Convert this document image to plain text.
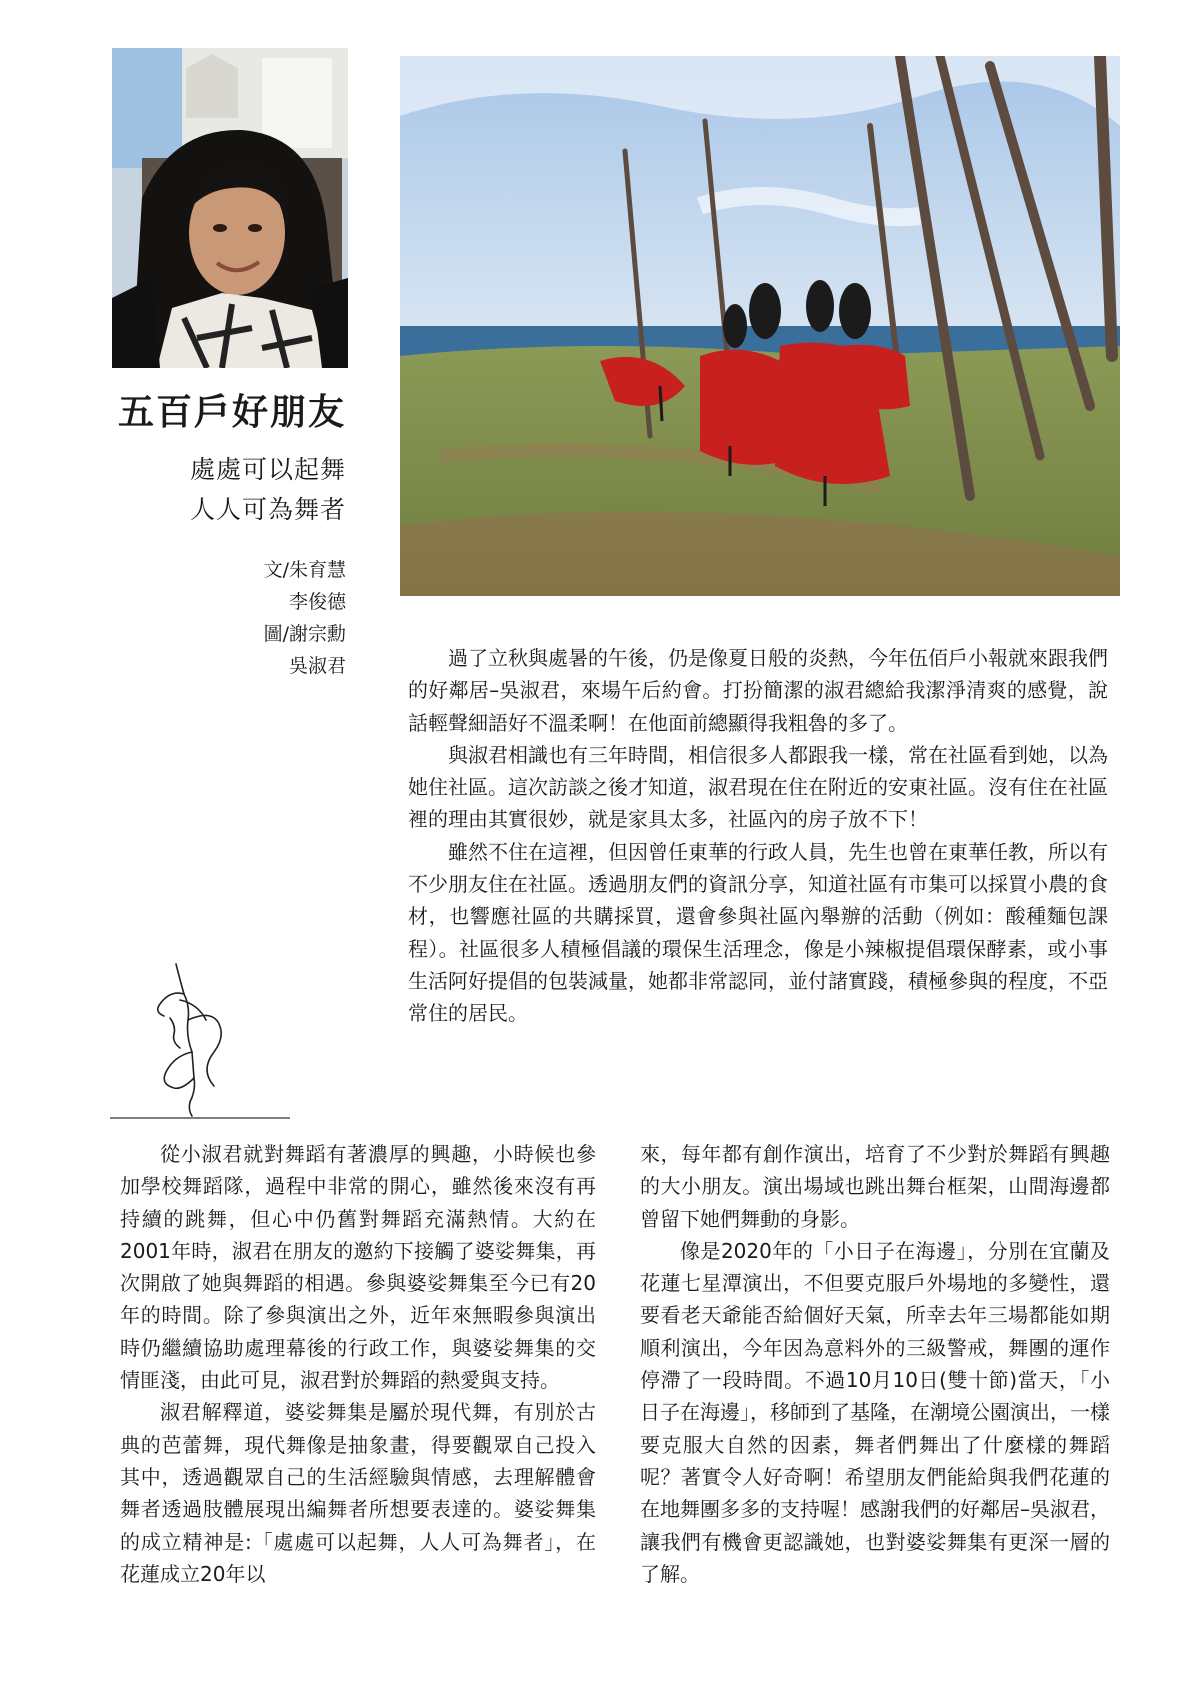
五百戶好朋友
處處可以起舞
人人可為舞者
文/朱育慧
李俊德
圖/謝宗勳
吳淑君	過了立秋與處暑的午後，仍是像夏日般的炎熱，今年伍佰戶小報就來跟我們的好鄰居–吳淑君，來場午后約會。打扮簡潔的淑君總給我潔淨清爽的感覺，說話輕聲細語好不溫柔啊！在他面前總顯得我粗魯的多了。

與淑君相識也有三年時間，相信很多人都跟我一樣，常在社區看到她，以為她住社區。這次訪談之後才知道，淑君現在住在附近的安東社區。沒有住在社區裡的理由其實很妙，就是家具太多，社區內的房子放不下！

雖然不住在這裡，但因曾任東華的行政人員，先生也曾在東華任教，所以有不少朋友住在社區。透過朋友們的資訊分享，知道社區有市集可以採買小農的食材，也響應社區的共購採買，還會參與社區內舉辦的活動（例如：酸種麵包課程）。社區很多人積極倡議的環保生活理念，像是小辣椒提倡環保酵素，或小事生活阿好提倡的包裝減量，她都非常認同，並付諸實踐，積極參與的程度，不亞常住的居民。

從小淑君就對舞蹈有著濃厚的興趣，小時候也參加學校舞蹈隊，過程中非常的開心，雖然後來沒有再持續的跳舞，但心中仍舊對舞蹈充滿熱情。大約在2001年時，淑君在朋友的邀約下接觸了婆娑舞集，再次開啟了她與舞蹈的相遇。參與婆娑舞集至今已有20年的時間。除了參與演出之外，近年來無暇參與演出時仍繼續協助處理幕後的行政工作，與婆娑舞集的交情匪淺，由此可見，淑君對於舞蹈的熱愛與支持。

淑君解釋道，婆娑舞集是屬於現代舞，有別於古典的芭蕾舞，現代舞像是抽象畫，得要觀眾自己投入其中，透過觀眾自己的生活經驗與情感，去理解體會舞者透過肢體展現出編舞者所想要表達的。婆娑舞集的成立精神是:「處處可以起舞，人人可為舞者」，在花蓮成立20年以

來，每年都有創作演出，培育了不少對於舞蹈有興趣的大小朋友。演出場域也跳出舞台框架，山間海邊都曾留下她們舞動的身影。

像是2020年的「小日子在海邊」，分別在宜蘭及花蓮七星潭演出，不但要克服戶外場地的多變性，還要看老天爺能否給個好天氣，所幸去年三場都能如期順利演出，今年因為意料外的三級警戒，舞團的運作停滯了一段時間。不過10月10日(雙十節)當天，「小日子在海邊」，移師到了基隆，在潮境公園演出，一樣要克服大自然的因素，舞者們舞出了什麼樣的舞蹈呢？著實令人好奇啊！希望朋友們能給與我們花蓮的在地舞團多多的支持喔！感謝我們的好鄰居–吳淑君，讓我們有機會更認識她，也對婆娑舞集有更深一層的了解。
